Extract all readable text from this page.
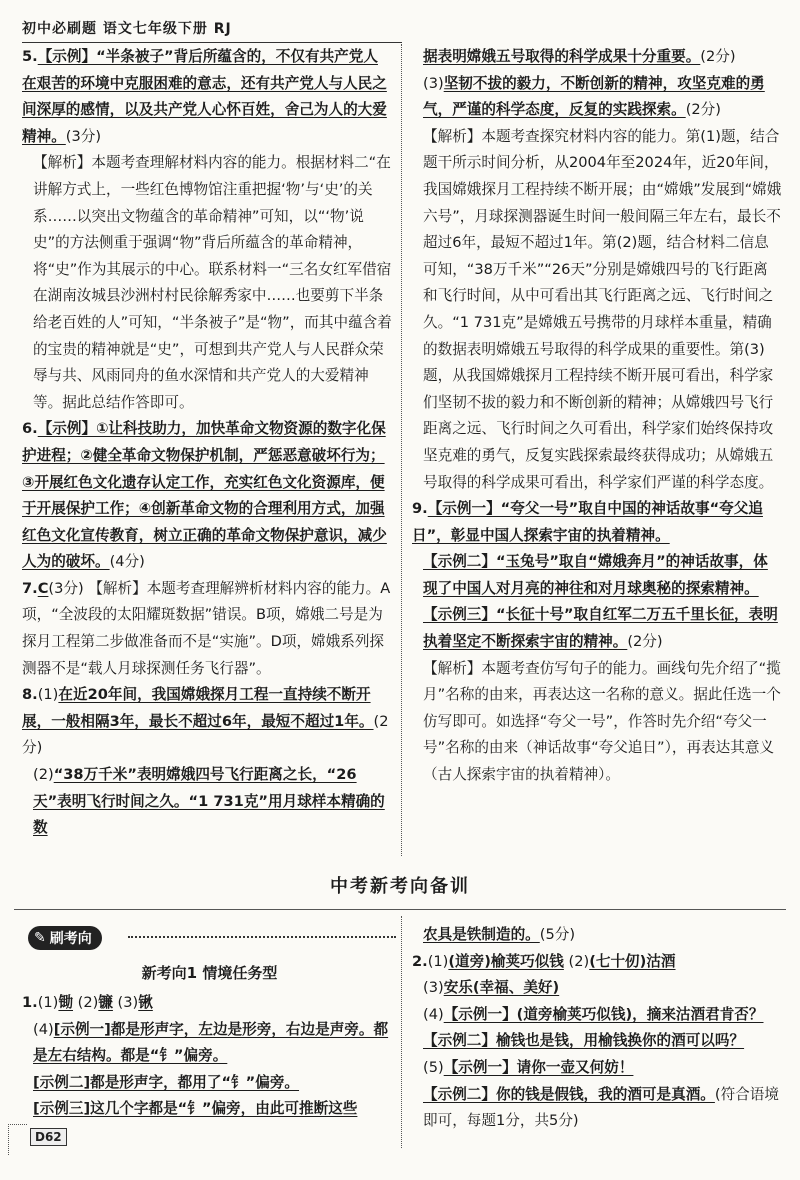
初中必刷题 语文七年级下册 RJ

5.【示例】“半条被子”背后所蕴含的，不仅有共产党人在艰苦的环境中克服困难的意志，还有共产党人与人民之间深厚的感情，以及共产党人心怀百姓，舍己为人的大爱精神。(3分)

【解析】本题考查理解材料内容的能力。根据材料二“在讲解方式上，一些红色博物馆注重把握‘物’与‘史’的关系……以突出文物蕴含的革命精神”可知，以“‘物’说史”的方法侧重于强调“物”背后所蕴含的革命精神，将“史”作为其展示的中心。联系材料一“三名女红军借宿在湖南汝城县沙洲村村民徐解秀家中……也要剪下半条给老百姓的人”可知，“半条被子”是“物”，而其中蕴含着的宝贵的精神就是“史”，可想到共产党人与人民群众荣辱与共、风雨同舟的鱼水深情和共产党人的大爱精神等。据此总结作答即可。

6.【示例】①让科技助力，加快革命文物资源的数字化保护进程；②健全革命文物保护机制，严惩恶意破坏行为；③开展红色文化遗存认定工作，充实红色文化资源库，便于开展保护工作；④创新革命文物的合理利用方式，加强红色文化宣传教育，树立正确的革命文物保护意识，减少人为的破坏。(4分)

7.C(3分) 【解析】本题考查理解辨析材料内容的能力。A项，“全波段的太阳耀斑数据”错误。B项，嫦娥二号是为探月工程第二步做准备而不是“实施”。D项，嫦娥系列探测器不是“载人月球探测任务飞行器”。

8.(1)在近20年间，我国嫦娥探月工程一直持续不断开展，一般相隔3年，最长不超过6年，最短不超过1年。(2分)

(2)“38万千米”表明嫦娥四号飞行距离之长，“26天”表明飞行时间之久。“1 731克”用月球样本精确的数

据表明嫦娥五号取得的科学成果十分重要。(2分)

(3)坚韧不拔的毅力，不断创新的精神，攻坚克难的勇气，严谨的科学态度，反复的实践探索。(2分)

【解析】本题考查探究材料内容的能力。第(1)题，结合题干所示时间分析，从2004年至2024年，近20年间，我国嫦娥探月工程持续不断开展；由“嫦娥”发展到“嫦娥六号”，月球探测器诞生时间一般间隔三年左右，最长不超过6年，最短不超过1年。第(2)题，结合材料二信息可知，“38万千米”“26天”分别是嫦娥四号的飞行距离和飞行时间，从中可看出其飞行距离之远、飞行时间之久。“1 731克”是嫦娥五号携带的月球样本重量，精确的数据表明嫦娥五号取得的科学成果的重要性。第(3)题，从我国嫦娥探月工程持续不断开展可看出，科学家们坚韧不拔的毅力和不断创新的精神；从嫦娥四号飞行距离之远、飞行时间之久可看出，科学家们始终保持攻坚克难的勇气，反复实践探索最终获得成功；从嫦娥五号取得的科学成果可看出，科学家们严谨的科学态度。

9.【示例一】“夸父一号”取自中国的神话故事“夸父追日”，彰显中国人探索宇宙的执着精神。

【示例二】“玉兔号”取自“嫦娥奔月”的神话故事，体现了中国人对月亮的神往和对月球奥秘的探索精神。

【示例三】“长征十号”取自红军二万五千里长征，表明执着坚定不断探索宇宙的精神。(2分)

【解析】本题考查仿写句子的能力。画线句先介绍了“揽月”名称的由来，再表达这一名称的意义。据此任选一个仿写即可。如选择“夸父一号”，作答时先介绍“夸父一号”名称的由来（神话故事“夸父追日”），再表达其意义（古人探索宇宙的执着精神）。

中考新考向备训
✎ 刷考向
新考向1 情境任务型

1.(1)锄 (2)镰 (3)锹

(4)[示例一]都是形声字，左边是形旁，右边是声旁。都是左右结构。都是“钅”偏旁。

[示例二]都是形声字，都用了“钅”偏旁。

[示例三]这几个字都是“钅”偏旁，由此可推断这些

农具是铁制造的。(5分)

2.(1)(道旁)榆荚巧似钱 (2)(七十仞)沽酒

(3)安乐(幸福、美好)

(4)【示例一】(道旁榆荚巧似钱)，摘来沽酒君肯否？

【示例二】榆钱也是钱，用榆钱换你的酒可以吗？

(5)【示例一】请你一壶又何妨！

【示例二】你的钱是假钱，我的酒可是真酒。(符合语境即可，每题1分，共5分)

D62
